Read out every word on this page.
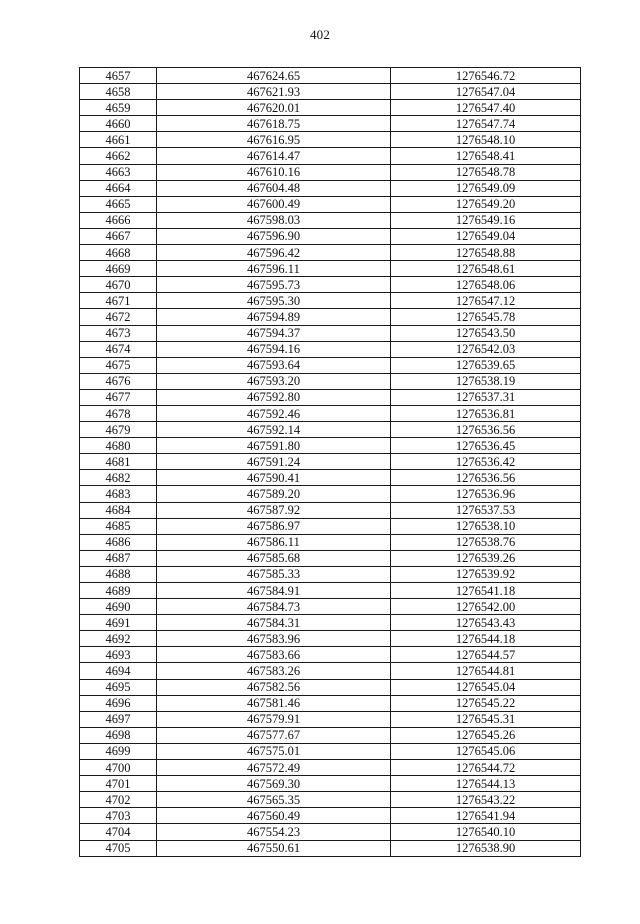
402
4657	467624.65	1276546.72
4658	467621.93	1276547.04
4659	467620.01	1276547.40
4660	467618.75	1276547.74
4661	467616.95	1276548.10
4662	467614.47	1276548.41
4663	467610.16	1276548.78
4664	467604.48	1276549.09
4665	467600.49	1276549.20
4666	467598.03	1276549.16
4667	467596.90	1276549.04
4668	467596.42	1276548.88
4669	467596.11	1276548.61
4670	467595.73	1276548.06
4671	467595.30	1276547.12
4672	467594.89	1276545.78
4673	467594.37	1276543.50
4674	467594.16	1276542.03
4675	467593.64	1276539.65
4676	467593.20	1276538.19
4677	467592.80	1276537.31
4678	467592.46	1276536.81
4679	467592.14	1276536.56
4680	467591.80	1276536.45
4681	467591.24	1276536.42
4682	467590.41	1276536.56
4683	467589.20	1276536.96
4684	467587.92	1276537.53
4685	467586.97	1276538.10
4686	467586.11	1276538.76
4687	467585.68	1276539.26
4688	467585.33	1276539.92
4689	467584.91	1276541.18
4690	467584.73	1276542.00
4691	467584.31	1276543.43
4692	467583.96	1276544.18
4693	467583.66	1276544.57
4694	467583.26	1276544.81
4695	467582.56	1276545.04
4696	467581.46	1276545.22
4697	467579.91	1276545.31
4698	467577.67	1276545.26
4699	467575.01	1276545.06
4700	467572.49	1276544.72
4701	467569.30	1276544.13
4702	467565.35	1276543.22
4703	467560.49	1276541.94
4704	467554.23	1276540.10
4705	467550.61	1276538.90
